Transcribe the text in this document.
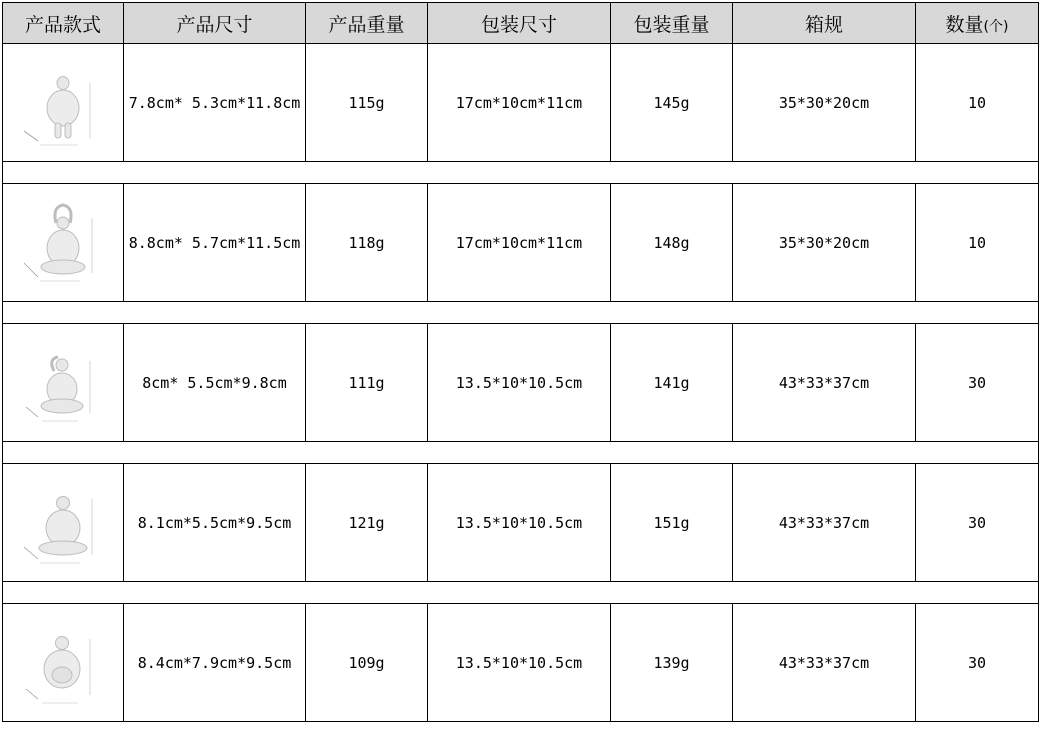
产品款式	产品尺寸	产品重量	包装尺寸	包装重量	箱规	数量(个)

	7.8cm* 5.3cm*11.8cm	115g	17cm*10cm*11cm	145g	35*30*20cm	10

	8.8cm* 5.7cm*11.5cm	118g	17cm*10cm*11cm	148g	35*30*20cm	10

	8cm* 5.5cm*9.8cm	111g	13.5*10*10.5cm	141g	43*33*37cm	30

	8.1cm*5.5cm*9.5cm	121g	13.5*10*10.5cm	151g	43*33*37cm	30

	8.4cm*7.9cm*9.5cm	109g	13.5*10*10.5cm	139g	43*33*37cm	30
